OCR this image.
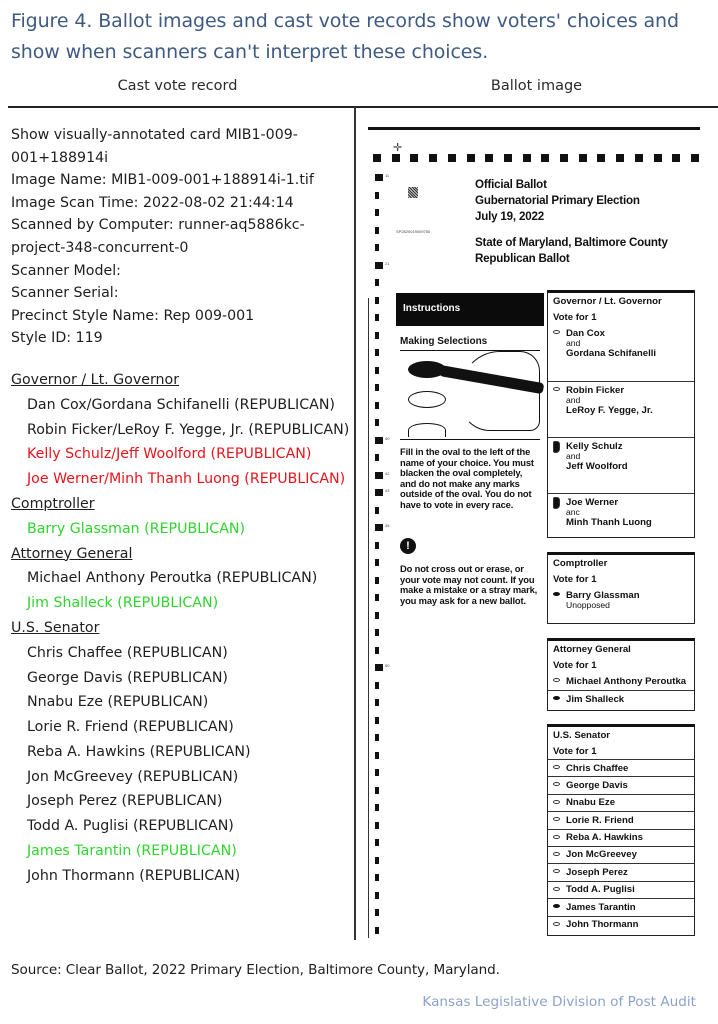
Figure 4. Ballot images and cast vote records show voters' choices and show when scanners can't interpret these choices.
Cast vote record	Ballot image
Show visually-annotated card MIB1-009-001+188914i
Image Name: MIB1-009-001+188914i-1.tif
Image Scan Time: 2022-08-02 21:44:14
Scanned by Computer: runner-aq5886kc-project-348-concurrent-0
Scanner Model:
Scanner Serial:
Precinct Style Name: Rep 009-001
Style ID: 119
Governor / Lt. Governor
Dan Cox/Gordana Schifanelli (REPUBLICAN)
Robin Ficker/LeRoy F. Yegge, Jr. (REPUBLICAN)
Kelly Schulz/Jeff Woolford (REPUBLICAN)
Joe Werner/Minh Thanh Luong (REPUBLICAN)
Comptroller
Barry Glassman (REPUBLICAN)
Attorney General
Michael Anthony Peroutka (REPUBLICAN)
Jim Shalleck (REPUBLICAN)
U.S. Senator
Chris Chaffee (REPUBLICAN)
George Davis (REPUBLICAN)
Nnabu Eze (REPUBLICAN)
Lorie R. Friend (REPUBLICAN)
Reba A. Hawkins (REPUBLICAN)
Jon McGreevey (REPUBLICAN)
Joseph Perez (REPUBLICAN)
Todd A. Puglisi (REPUBLICAN)
James Tarantin (REPUBLICAN)
John Thormann (REPUBLICAN)
✛
11
21
40
42
43
45
50
SP2820019009750
Official Ballot
Gubernatorial Primary Election
July 19, 2022
State of Maryland, Baltimore County
Republican Ballot
Instructions
Making Selections
Fill in the oval to the left of the name of your choice. You must blacken the oval completely, and do not make any marks outside of the oval. You do not have to vote in every race.
!
Do not cross out or erase, or your vote may not count. If you make a mistake or a stray mark, you may ask for a new ballot.
Governor / Lt. Governor
Vote for 1
Dan Cox
and
Gordana Schifanelli
Robin Ficker
and
LeRoy F. Yegge, Jr.
Kelly Schulz
and
Jeff Woolford
Joe Werner
anc
Minh Thanh Luong
Comptroller
Vote for 1
Barry Glassman
Unopposed
Attorney General
Vote for 1
Michael Anthony Peroutka
Jim Shalleck
U.S. Senator
Vote for 1
Chris Chaffee
George Davis
Nnabu Eze
Lorie R. Friend
Reba A. Hawkins
Jon McGreevey
Joseph Perez
Todd A. Puglisi
James Tarantin
John Thormann
Source: Clear Ballot, 2022 Primary Election, Baltimore County, Maryland.
Kansas Legislative Division of Post Audit
